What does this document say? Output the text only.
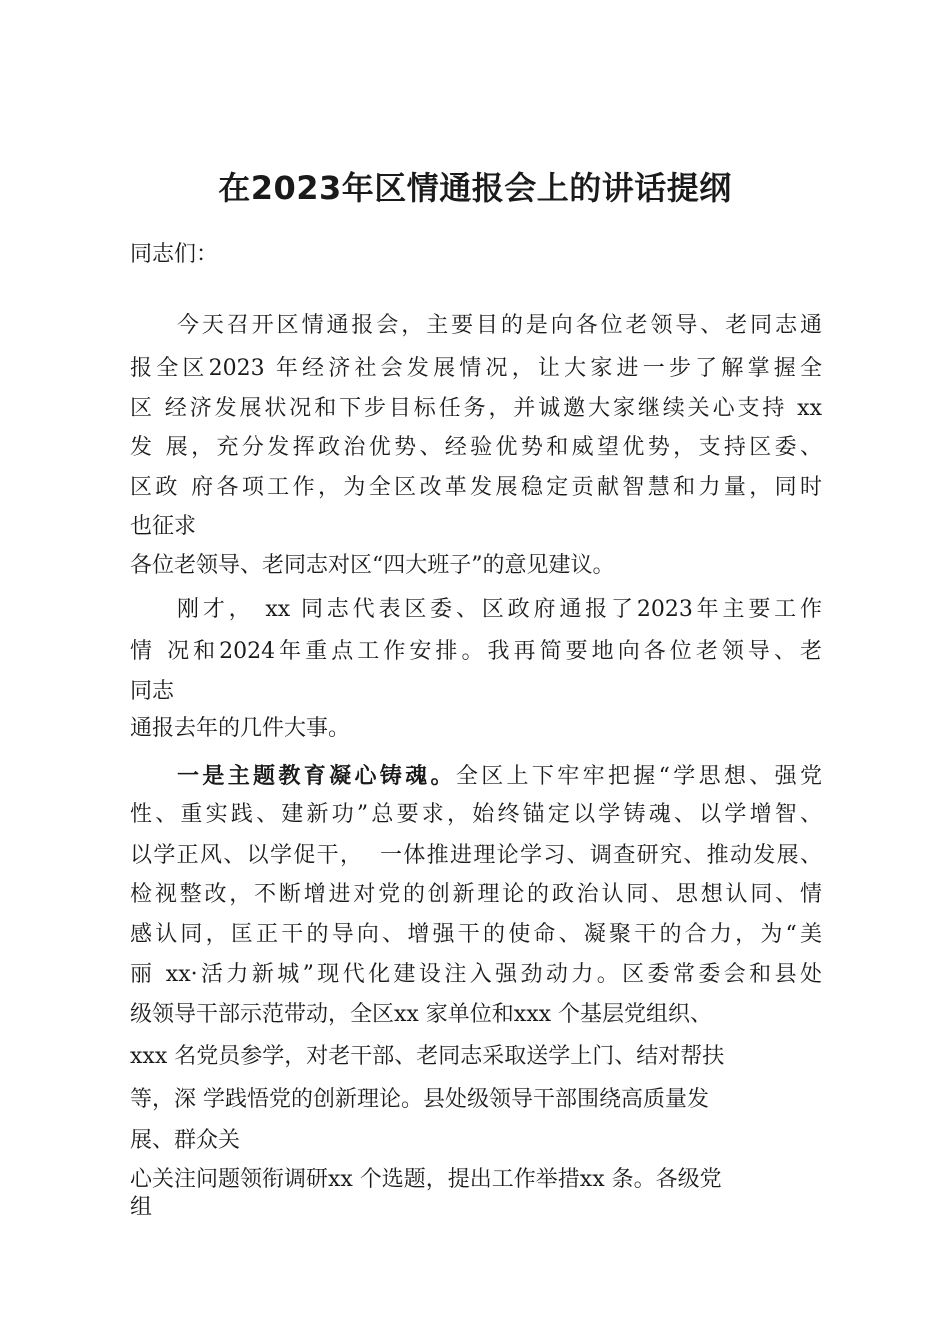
在2023年区情通报会上的讲话提纲

同志们：

今天召开区情通报会，主要目的是向各位老领导、老同志通

报全区2023 年经济社会发展情况，让大家进一步了解掌握全

区 经济发展状况和下步目标任务，并诚邀大家继续关心支持 xx

发 展，充分发挥政治优势、经验优势和威望优势，支持区委、

区政 府各项工作，为全区改革发展稳定贡献智慧和力量，同时

也征求

各位老领导、老同志对区“四大班子”的意见建议。

刚才， xx 同志代表区委、区政府通报了2023年主要工作

情 况和2024年重点工作安排。我再简要地向各位老领导、老

同志

通报去年的几件大事。

一是主题教育凝心铸魂。全区上下牢牢把握“学思想、强党

性、重实践、建新功”总要求，始终锚定以学铸魂、以学增智、

以学正风、以学促干，  一体推进理论学习、调查研究、推动发展、

检视整改，不断增进对党的创新理论的政治认同、思想认同、情

感认同，匡正干的导向、增强干的使命、凝聚干的合力，为“美

丽 xx·活力新城”现代化建设注入强劲动力。区委常委会和县处

级领导干部示范带动，全区xx 家单位和xxx 个基层党组织、

xxx 名党员参学，对老干部、老同志采取送学上门、结对帮扶

等，深 学践悟党的创新理论。县处级领导干部围绕高质量发

展、群众关

心关注问题领衔调研xx 个选题，提出工作举措xx 条。各级党

组
